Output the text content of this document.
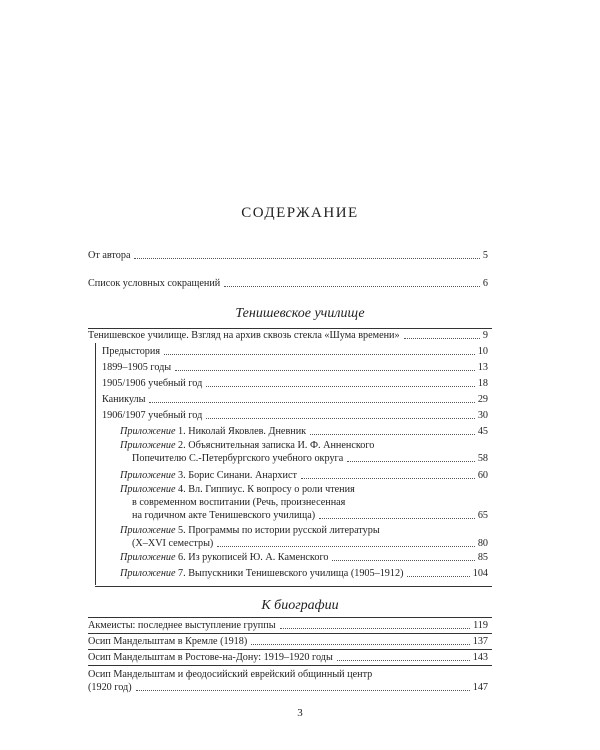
СОДЕРЖАНИЕ
От автора	5
Список условных сокращений	6
Тенишевское училище
Тенишевское училище. Взгляд на архив сквозь стекла «Шума времени»	9
Предыстория	10
1899–1905 годы	13
1905/1906 учебный год	18
Каникулы	29
1906/1907 учебный год	30
Приложение 1. Николай Яковлев. Дневник	45
Приложение 2. Объяснительная записка И. Ф. Анненского
Попечителю С.-Петербургского учебного округа	58
Приложение 3. Борис Синани. Анархист	60
Приложение 4. Вл. Гиппиус. К вопросу о роли чтения
в современном воспитании (Речь, произнесенная
на годичном акте Тенишевского училища)	65
Приложение 5. Программы по истории русской литературы
(X–XVI семестры)	80
Приложение 6. Из рукописей Ю. А. Каменского	85
Приложение 7. Выпускники Тенишевского училища (1905–1912)	104
К биографии
Акмеисты: последнее выступление группы	119
Осип Мандельштам в Кремле (1918)	137
Осип Мандельштам в Ростове-на-Дону: 1919–1920 годы	143
Осип Мандельштам и феодосийский еврейский общинный центр
(1920 год)	147
3
